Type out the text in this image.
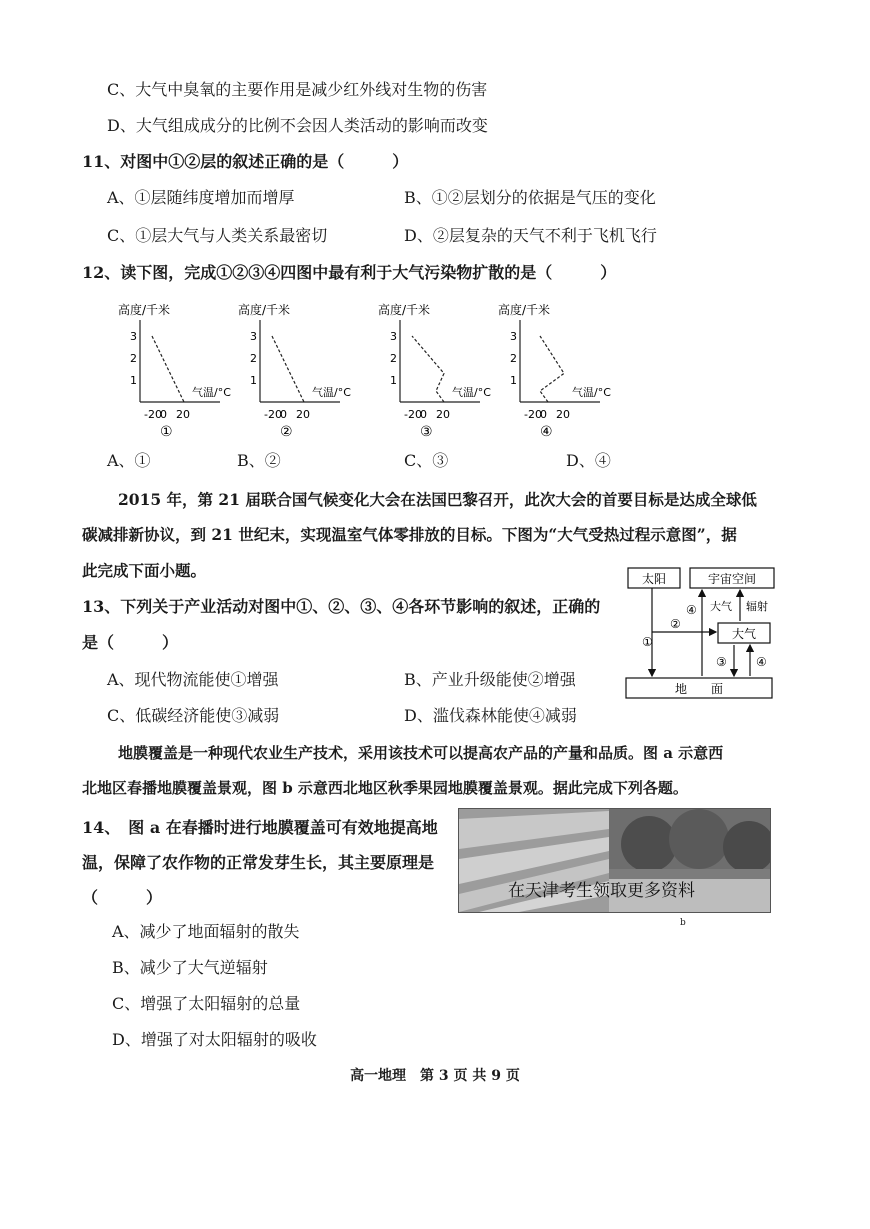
C、大气中臭氧的主要作用是减少红外线对生物的伤害
D、大气组成成分的比例不会因人类活动的影响而改变
11、对图中①②层的叙述正确的是（　　　）
A、①层随纬度增加而增厚	B、①②层划分的依据是气压的变化
C、①层大气与人类关系最密切	D、②层复杂的天气不利于飞机飞行
12、读下图，完成①②③④四图中最有利于大气污染物扩散的是（　　　）
高度/千米
3
2
1
-20
0 20
气温/°C
①
高度/千米
3
2
1
-20
0 20
气温/°C
②
高度/千米
3
2
1
-20
0 20
气温/°C
③
高度/千米
3
2
1
-20
0 20
气温/°C
④
A、①	B、②	C、③	D、④
2015 年，第 21 届联合国气候变化大会在法国巴黎召开，此次大会的首要目标是达成全球低
碳减排新协议，到 21 世纪末，实现温室气体零排放的目标。下图为“大气受热过程示意图”，据
此完成下面小题。	太阳	宇宙空间
大气
地　　面
①
②
④ 大气 辐射
③ ④
13、下列关于产业活动对图中①、②、③、④各环节影响的叙述，正确的
是（　　　）
A、现代物流能使①增强	B、产业升级能使②增强
C、低碳经济能使③减弱	D、滥伐森林能使④减弱
地膜覆盖是一种现代农业生产技术，采用该技术可以提高农产品的产量和品质。图 a 示意西
北地区春播地膜覆盖景观，图 b 示意西北地区秋季果园地膜覆盖景观。据此完成下列各题。
在天津考生领取更多资料
b
14、　图 a 在春播时进行地膜覆盖可有效地提高地
温，保障了农作物的正常发芽生长，其主要原理是
（　　　）
A、减少了地面辐射的散失
B、减少了大气逆辐射
C、增强了太阳辐射的总量
D、增强了对太阳辐射的吸收
高一地理　第 3 页 共 9 页
